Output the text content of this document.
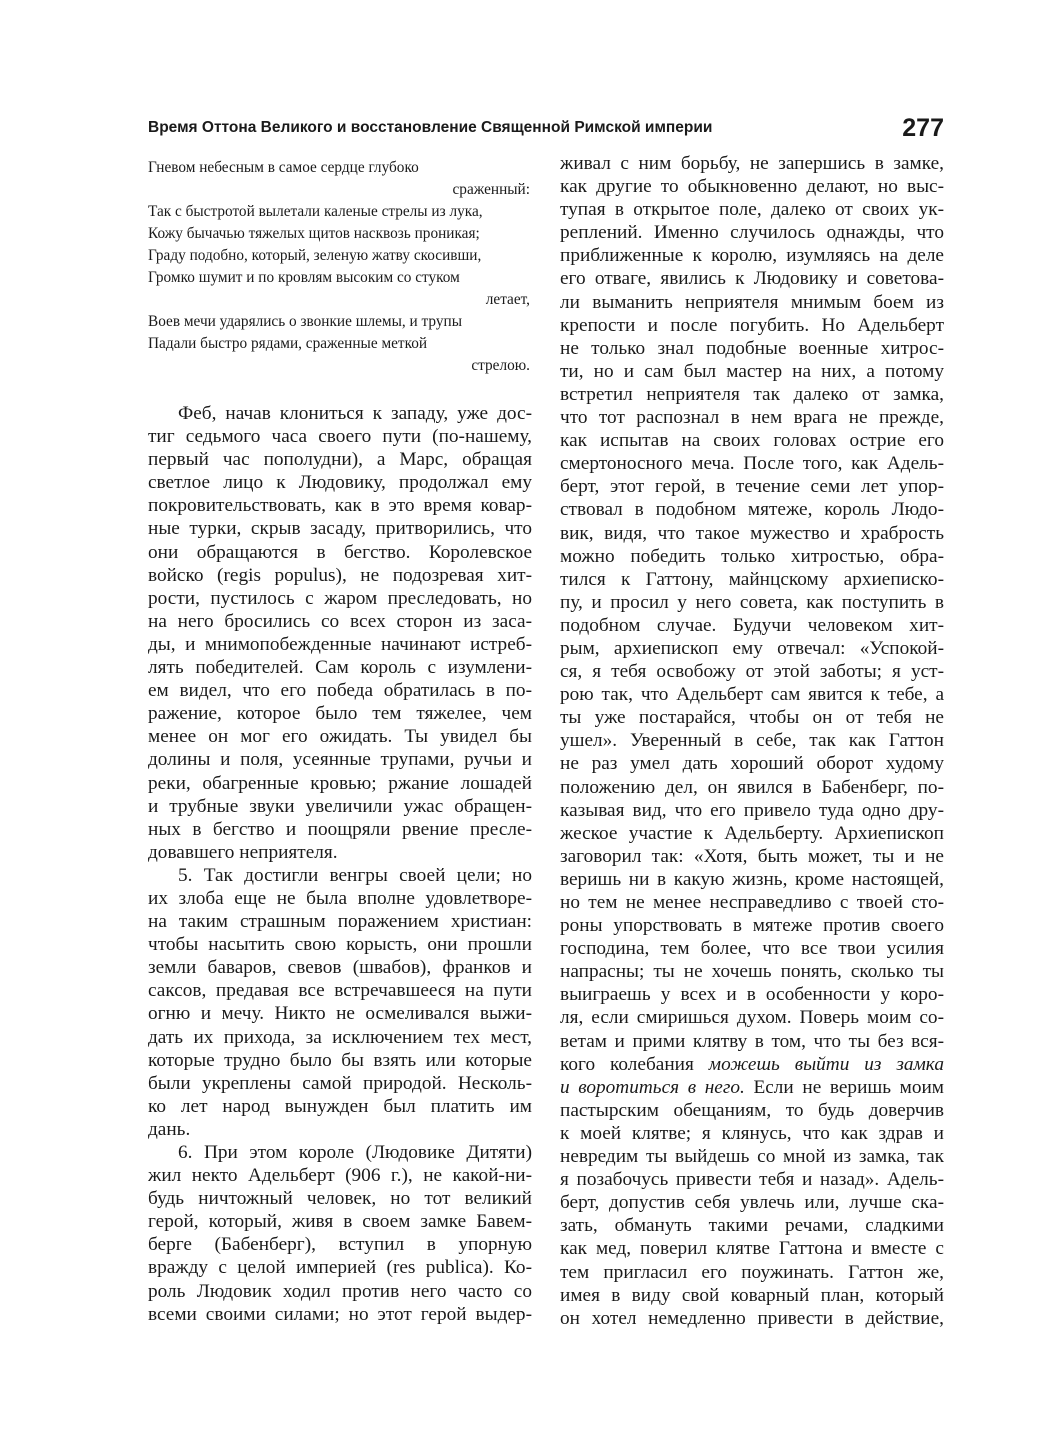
Время Оттона Великого и восстановление Священной Римской империи	277
Гневом небесным в самое сердце глубоко
сраженный:
Так с быстротой вылетали каленые стрелы из лука,
Кожу бычачью тяжелых щитов насквозь проникая;
Граду подобно, который, зеленую жатву скосивши,
Громко шумит и по кровлям высоким со стуком
летает,
Воев мечи ударялись о звонкие шлемы, и трупы
Падали быстро рядами, сраженные меткой
стрелою.
Феб, начав клониться к западу, уже дос-
тиг седьмого часа своего пути (по-нашему,
первый час пополудни), а Марс, обращая
светлое лицо к Людовику, продолжал ему
покровительствовать, как в это время ковар-
ные турки, скрыв засаду, притворились, что
они обращаются в бегство. Королевское
войско (regis populus), не подозревая хит-
рости, пустилось с жаром преследовать, но
на него бросились со всех сторон из заса-
ды, и мнимопобежденные начинают истреб-
лять победителей. Сам король с изумлени-
ем видел, что его победа обратилась в по-
ражение, которое было тем тяжелее, чем
менее он мог его ожидать. Ты увидел бы
долины и поля, усеянные трупами, ручьи и
реки, обагренные кровью; ржание лошадей
и трубные звуки увеличили ужас обращен-
ных в бегство и поощряли рвение пресле-
довавшего неприятеля.
5. Так достигли венгры своей цели; но
их злоба еще не была вполне удовлетворе-
на таким страшным поражением христиан:
чтобы насытить свою корысть, они прошли
земли баваров, свевов (швабов), франков и
саксов, предавая все встречавшееся на пути
огню и мечу. Никто не осмеливался выжи-
дать их прихода, за исключением тех мест,
которые трудно было бы взять или которые
были укреплены самой природой. Несколь-
ко лет народ вынужден был платить им
дань.
6. При этом короле (Людовике Дитяти)
жил некто Адельберт (906 г.), не какой-ни-
будь ничтожный человек, но тот великий
герой, который, живя в своем замке Бавем-
берге (Бабенберг), вступил в упорную
вражду с целой империей (res publica). Ко-
роль Людовик ходил против него часто со
всеми своими силами; но этот герой выдер-
живал с ним борьбу, не запершись в замке,
как другие то обыкновенно делают, но выс-
тупая в открытое поле, далеко от своих ук-
реплений. Именно случилось однажды, что
приближенные к королю, изумляясь на деле
его отваге, явились к Людовику и советова-
ли выманить неприятеля мнимым боем из
крепости и после погубить. Но Адельберт
не только знал подобные военные хитрос-
ти, но и сам был мастер на них, а потому
встретил неприятеля так далеко от замка,
что тот распознал в нем врага не прежде,
как испытав на своих головах острие его
смертоносного меча. После того, как Адель-
берт, этот герой, в течение семи лет упор-
ствовал в подобном мятеже, король Людо-
вик, видя, что такое мужество и храбрость
можно победить только хитростью, обра-
тился к Гаттону, майнцскому архиеписко-
пу, и просил у него совета, как поступить в
подобном случае. Будучи человеком хит-
рым, архиепископ ему отвечал: «Успокой-
ся, я тебя освобожу от этой заботы; я уст-
рою так, что Адельберт сам явится к тебе, а
ты уже постарайся, чтобы он от тебя не
ушел». Уверенный в себе, так как Гаттон
не раз умел дать хороший оборот худому
положению дел, он явился в Бабенберг, по-
казывая вид, что его привело туда одно дру-
жеское участие к Адельберту. Архиепископ
заговорил так: «Хотя, быть может, ты и не
веришь ни в какую жизнь, кроме настоящей,
но тем не менее несправедливо с твоей сто-
роны упорствовать в мятеже против своего
господина, тем более, что все твои усилия
напрасны; ты не хочешь понять, сколько ты
выиграешь у всех и в особенности у коро-
ля, если смиришься духом. Поверь моим со-
ветам и прими клятву в том, что ты без вся-
кого колебания можешь выйти из замка
и воротиться в него. Если не веришь моим
пастырским обещаниям, то будь доверчив
к моей клятве; я клянусь, что как здрав и
невредим ты выйдешь со мной из замка, так
я позабочусь привести тебя и назад». Адель-
берт, допустив себя увлечь или, лучше ска-
зать, обмануть такими речами, сладкими
как мед, поверил клятве Гаттона и вместе с
тем пригласил его поужинать. Гаттон же,
имея в виду свой коварный план, который
он хотел немедленно привести в действие,
